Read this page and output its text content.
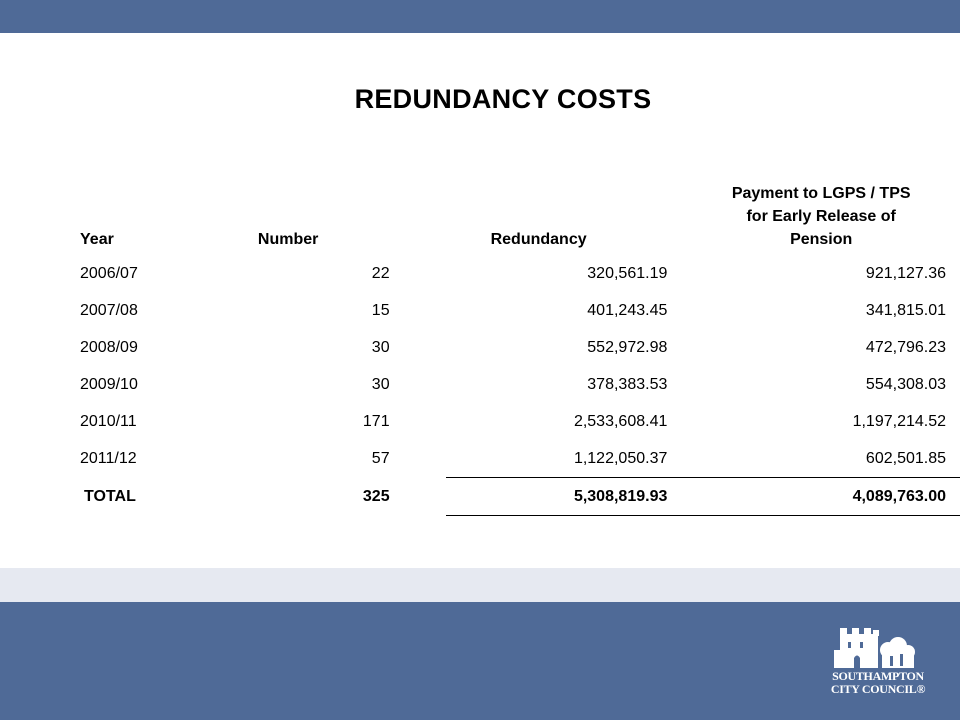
REDUNDANCY COSTS
Year	Number	Redundancy	Payment to LGPS / TPS
for Early Release of
Pension
2006/07	22	320,561.19	921,127.36
2007/08	15	401,243.45	341,815.01
2008/09	30	552,972.98	472,796.23
2009/10	30	378,383.53	554,308.03
2010/11	171	2,533,608.41	1,197,214.52
2011/12	57	1,122,050.37	602,501.85
TOTAL	325	5,308,819.93	4,089,763.00
SOUTHAMPTON
CITY COUNCIL®
